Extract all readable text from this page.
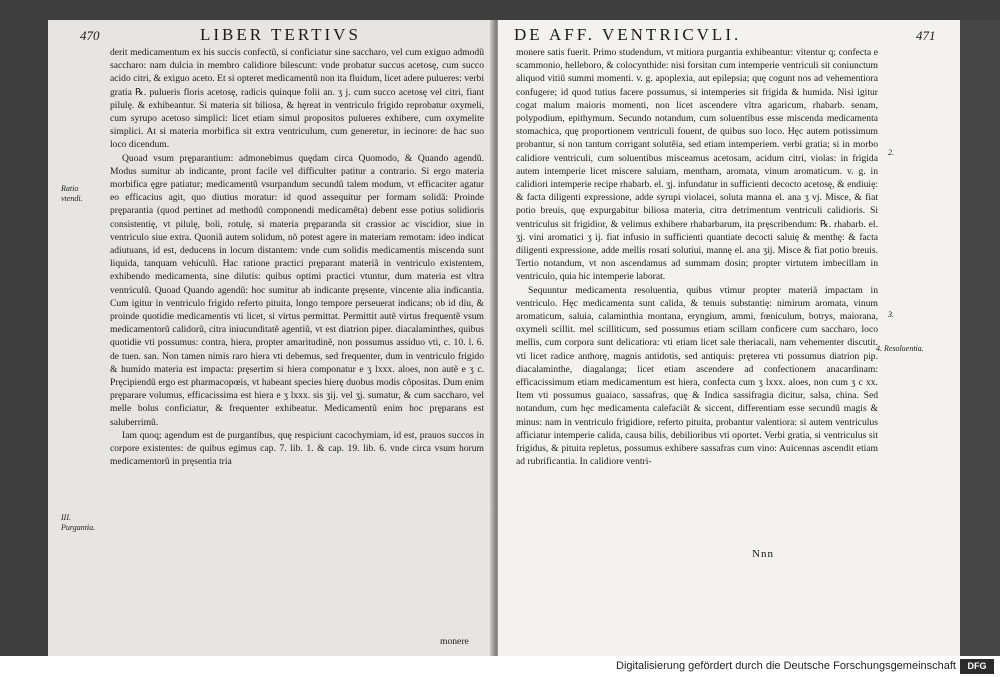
470	LIBER TERTIVS
Ratio vtendi.
III. Purgantia.

derit medicamentum ex his succis confectũ, si conficiatur sine saccharo, vel cum exiguo admodũ saccharo: nam dulcia in membro calidiore bilescunt: vnde probatur succus acetosę, cum succo acido citri, & exiguo aceto. Et si opteret medicamentũ non ita fluidum, licet adere pulueres: verbi gratia ℞. pulueris floris acetosę, radicis quinque folii an. ʒ j. cum succo acetosę vel citri, fiant pilulę. & exhibeantur. Si materia sit biliosa, & hęreat in ventriculo frigido reprobatur oxymeli, cum syrupo acetoso simplici: licet etiam simul propositos pulueres exhibere, cum oxymelite simplici. At si materia morbifica sit extra ventriculum, cum generetur, in iecinore: de hac suo loco dicendum.

Quoad vsum pręparantium: admonebimus quędam circa Quomodo, & Quando agendũ. Modus sumitur ab indicante, pront facile vel difficulter patitur a contrario. Si ergo materia morbifica ęgre patiatur; medicamentũ vsurpandum secundũ talem modum, vt efficaciter agatur eo efficacius agit, quo diutius moratur: id quod assequitur per formam solidã: Proinde pręparantia (quod pertinet ad methodũ componendi medicamẽta) debent esse potius solidioris consistentię, vt pilulę, boli, rotulę, si materia pręparanda sit crassior ac viscidior, siue in ventriculo siue extra. Quoniã autem solidum, nõ potest agere in materiam remotam: ideo indicat adiutuans, id est, deducens in locum distantem: vnde cum solidis medicamentis miscenda sunt liquida, tanquam vehiculũ. Hac ratione practici pręparant materiã in ventriculo existentem, exhibendo medicamenta, sine dilutis: quibus optimi practici vtuntur, dum materia est vltra ventriculũ. Quoad Quando agendũ: hoc sumitur ab indicante pręsente, vincente alia indicantia. Cum igitur in ventriculo frigido referto pituita, longo tempore perseuerat indicans; ob id diu, & proinde quotidie medicamentis vti licet, si virtus permittat. Permittit autẽ virtus frequentẽ vsum medicamentorũ calidorũ, citra iniucunditatẽ agentiũ, vt est diatrion piper. diacalaminthes, quibus quotidie vti possumus: contra, hiera, propter amaritudinẽ, non possumus assiduo vti, c. 10. l. 6. de tuen. san. Non tamen nimis raro hiera vti debemus, sed frequenter, dum in ventriculo frigido & humido materia est impacta: pręsertim si hiera componatur e ʒ lxxx. aloes, non autẽ e ʒ c. Pręcipiendũ ergo est pharmacopœis, vt habeant species hierę duobus modis cõpositas. Dum enim pręparare volumus, efficacissima est hiera e ʒ lxxx. sis ʒij. vel ʒj. sumatur, & cum saccharo, vel melle bolus conficiatur, & frequenter exhibeatur. Medicamentũ enim hoc pręparans est saluberrimũ.

Iam quoq; agendum est de purgantibus, quę respiciunt cacochymiam, id est, prauos succos in corpore existentes: de quibus egimus cap. 7. lib. 1. & cap. 19. lib. 6. vnde circa vsum horum medicamentorũ in pręsentia tria

monere
DE AFF. VENTRICVLI.	471

monere satis fuerit. Primo studendum, vt mitiora purgantia exhibeantur: vitentur q; confecta e scammonio, helleboro, & colocynthide: nisi forsitan cum intemperie ventriculi sit coniunctum aliquod vitiũ summi momenti. v. g. apoplexia, aut epilepsia; quę cogunt nos ad vehementiora confugere; id quod tutius facere possumus, si intemperies sit frigida & humida. Nisi igitur cogat malum maioris momenti, non licet ascendere vltra agaricum, rhabarb. senam, polypodium, epithymum. Secundo notandum, cum soluentibus esse miscenda medicamenta stomachica, quę proportionem ventriculi fouent, de quibus suo loco. Hęc autem potissimum probantur, si non tantum corrigant solutẽia, sed etiam intemperiem. verbi gratia; si in morbo calidiore ventriculi, cum soluentibus misceamus acetosam, acidum citri, violas: in frigida autem intemperie licet miscere saluiam, mentham, aromata, vinum aromaticum. v. g. in calidiori intemperie recipe rhabarb. el. ʒj. infundatur in sufficienti decocto acetosę, & endiuię: & facta diligenti expressione, adde syrupi violacei, soluta manna el. ana ʒ vj. Misce, & fiat potio breuis, quę expurgabitur biliosa materia, citra detrimentum ventriculi calidioris. Si ventriculus sit frigidior, & velimus exhibere rhabarbarum, ita pręscribendum: ℞. rhabarb. el. ʒj. vini aromatici ʒ ij. fiat infusio in sufficienti quantiate decocti saluię & menthę: & facta diligenti expressione, adde mellis rosati solutiui, mannę el. ana ʒij. Misce & fiat potio breuis. Tertio notandum, vt non ascendamus ad summam dosin; propter virtutem imbecillam in ventriculo, quia hic intemperie laborat.

Sequuntur medicamenta resoluentia, quibus vtimur propter materiã impactam in ventriculo. Hęc medicamenta sunt calida, & tenuis substantię: nimirum aromata, vinum aromaticum, saluia, calaminthia montana, eryngium, ammi, fœniculum, botrys, maiorana, oxymeli scillit. mel scilliticum, sed possumus etiam scillam conficere cum saccharo, loco mellis, cum corpora sunt delicatiora: vti etiam licet sale theriacali, nam vehementer discutit. vti licet radice anthorę, magnis antidotis, sed antiquis: pręterea vti possumus diatrion pip. diacalaminthe, diagalanga; licet etiam ascendere ad confectionem anacardinam: efficacissimum etiam medicamentum est hiera, confecta cum ʒ lxxx. aloes, non cum ʒ c xx. Item vti possumus guaiaco, sassafras, quę & Indica sassifragia dicitur, salsa, china. Sed notandum, cum hęc medicamenta calefaciãt & siccent, differentiam esse secundũ magis & minus: nam in ventriculo frigidiore, referto pituita, probantur valentiora: si autem ventriculus afficiatur intemperie calida, causa bilis, debilioribus vti oportet. Verbi gratia, si ventriculus sit frigidus, & pituita repletus, possumus exhibere sassafras cum vino: Auicennas ascendit etiam ad rubrificantia. In calidiore ventri-

2.
3.
4. Resoluentia.
Nnn
Digitalisierung gefördert durch die Deutsche Forschungsgemeinschaft	DFG
